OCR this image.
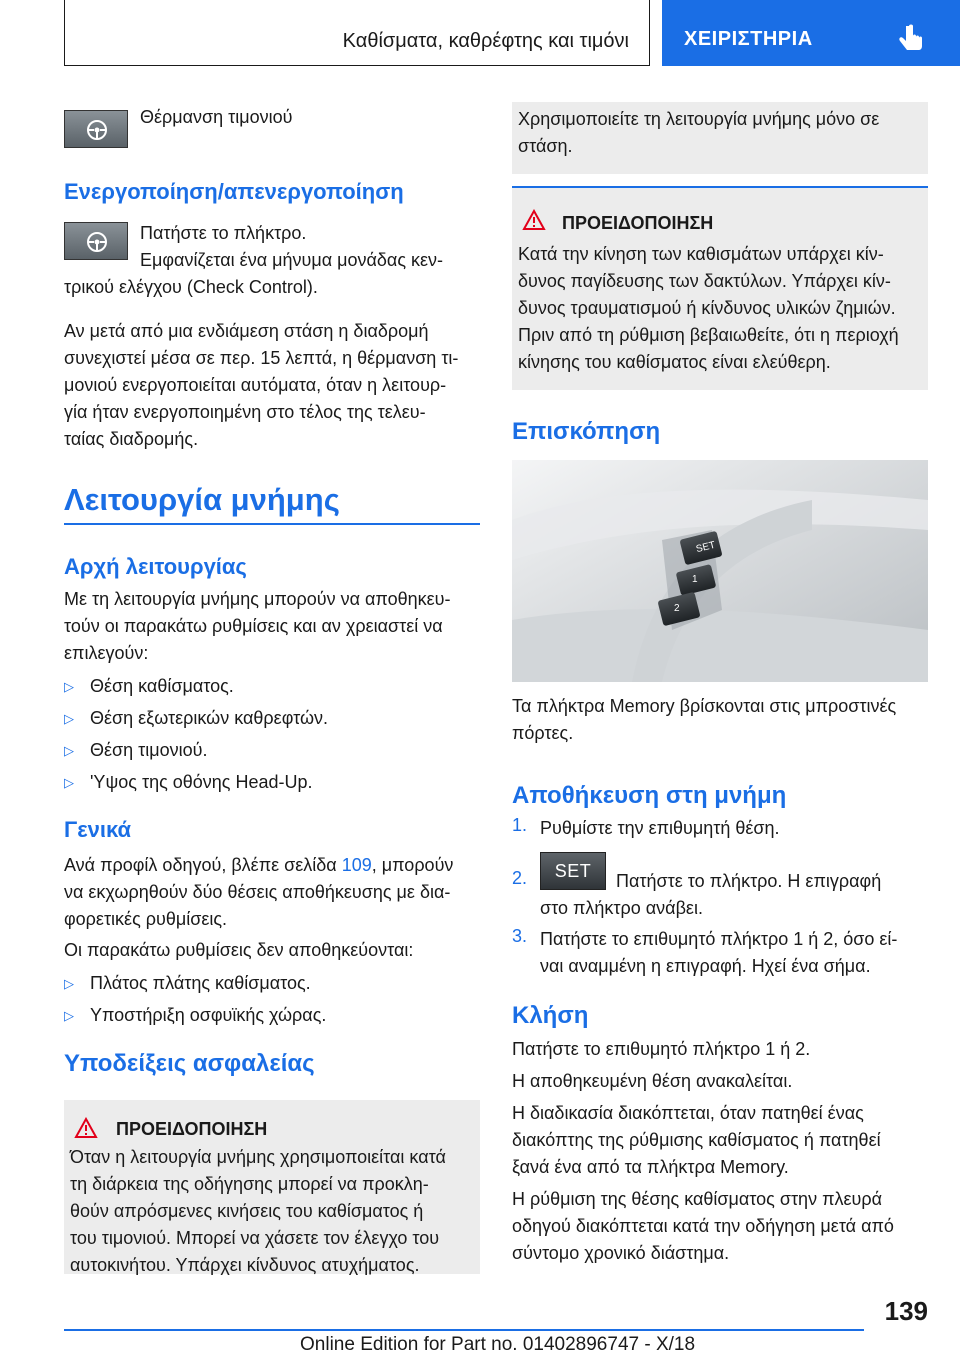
Καθίσματα, καθρέφτης και τιμόνι	ΧΕΙΡΙΣΤΗΡΙΑ
Θέρμανση τιμονιού
Ενεργοποίηση/απενεργοποίηση
Πατήστε το πλήκτρο.
Εμφανίζεται ένα μήνυμα μονάδας κεν-
τρικού ελέγχου (Check Control).
Αν μετά από μια ενδιάμεση στάση η διαδρομή
συνεχιστεί μέσα σε περ. 15 λεπτά, η θέρμανση τι-
μονιού ενεργοποιείται αυτόματα, όταν η λειτουρ-
γία ήταν ενεργοποιημένη στο τέλος της τελευ-
ταίας διαδρομής.
Λειτουργία μνήμης
Αρχή λειτουργίας
Με τη λειτουργία μνήμης μπορούν να αποθηκευ-
τούν οι παρακάτω ρυθμίσεις και αν χρειαστεί να
επιλεγούν:
▷ Θέση καθίσματος.
▷ Θέση εξωτερικών καθρεφτών.
▷ Θέση τιμονιού.
▷ 'Υψος της οθόνης Head-Up.
Γενικά
Ανά προφίλ οδηγού, βλέπε σελίδα 109, μπορούν
να εκχωρηθούν δύο θέσεις αποθήκευσης με δια-
φορετικές ρυθμίσεις.
Οι παρακάτω ρυθμίσεις δεν αποθηκεύονται:
▷ Πλάτος πλάτης καθίσματος.
▷ Υποστήριξη οσφυϊκής χώρας.
Υποδείξεις ασφαλείας
ΠΡΟΕΙΔΟΠΟΙΗΣΗ
Όταν η λειτουργία μνήμης χρησιμοποιείται κατά
τη διάρκεια της οδήγησης μπορεί να προκλη-
θούν απρόσμενες κινήσεις του καθίσματος ή
του τιμονιού. Μπορεί να χάσετε τον έλεγχο του
αυτοκινήτου. Υπάρχει κίνδυνος ατυχήματος.
Χρησιμοποιείτε τη λειτουργία μνήμης μόνο σε
στάση.
ΠΡΟΕΙΔΟΠΟΙΗΣΗ
Κατά την κίνηση των καθισμάτων υπάρχει κίν-
δυνος παγίδευσης των δακτύλων. Υπάρχει κίν-
δυνος τραυματισμού ή κίνδυνος υλικών ζημιών.
Πριν από τη ρύθμιση βεβαιωθείτε, ότι η περιοχή
κίνησης του καθίσματος είναι ελεύθερη.
Επισκόπηση
SET
1
2
Τα πλήκτρα Memory βρίσκονται στις μπροστινές
πόρτες.
Αποθήκευση στη μνήμη
1. Ρυθμίστε την επιθυμητή θέση.
2.	SET	Πατήστε το πλήκτρο. Η επιγραφή
στο πλήκτρο ανάβει.
3. Πατήστε το επιθυμητό πλήκτρο 1 ή 2, όσο εί-
ναι αναμμένη η επιγραφή. Ηχεί ένα σήμα.
Κλήση
Πατήστε το επιθυμητό πλήκτρο 1 ή 2.
Η αποθηκευμένη θέση ανακαλείται.
Η διαδικασία διακόπτεται, όταν πατηθεί ένας
διακόπτης της ρύθμισης καθίσματος ή πατηθεί
ξανά ένα από τα πλήκτρα Memory.
Η ρύθμιση της θέσης καθίσματος στην πλευρά
οδηγού διακόπτεται κατά την οδήγηση μετά από
σύντομο χρονικό διάστημα.
139
Online Edition for Part no. 01402896747 - X/18
